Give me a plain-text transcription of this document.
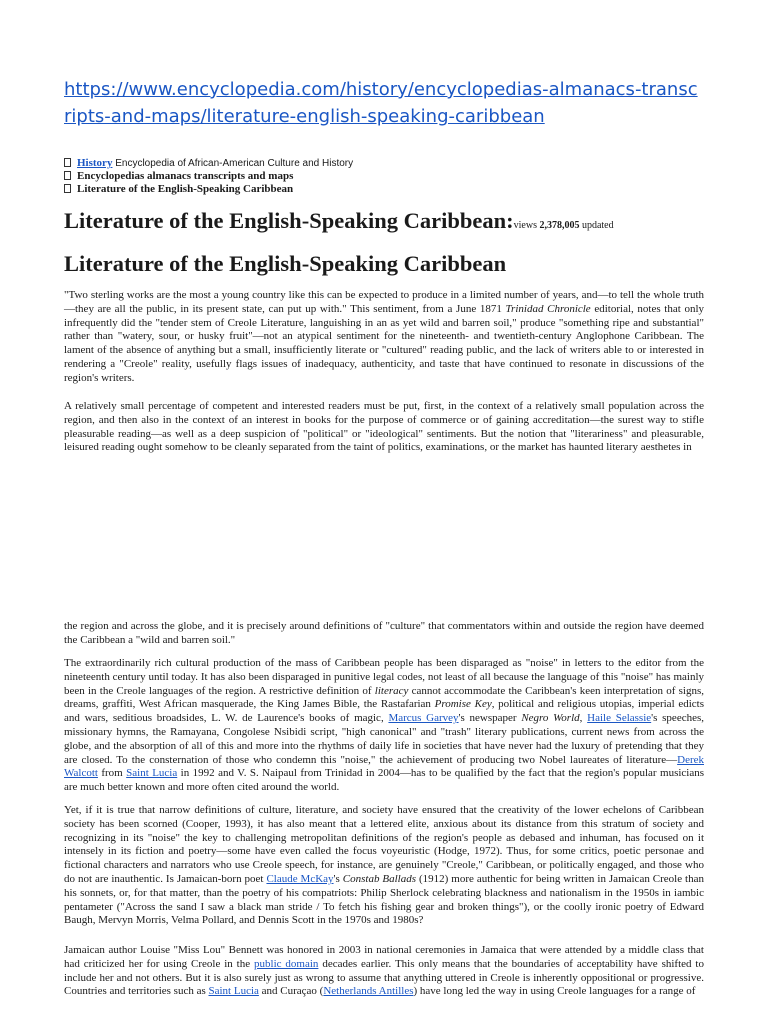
https://www.encyclopedia.com/history/encyclopedias-almanacs-transcripts-and-maps/literature-english-speaking-caribbean
History Encyclopedia of African-American Culture and History
Encyclopedias almanacs transcripts and maps
Literature of the English-Speaking Caribbean
Literature of the English-Speaking Caribbean:views 2,378,005 updated
Literature of the English-Speaking Caribbean

"Two sterling works are the most a young country like this can be expected to produce in a limited number of years, and—to tell the whole truth—they are all the public, in its present state, can put up with." This sentiment, from a June 1871 Trinidad Chronicle editorial, notes that only infrequently did the "tender stem of Creole Literature, languishing in an as yet wild and barren soil," produce "something ripe and substantial" rather than "watery, sour, or husky fruit"—not an atypical sentiment for the nineteenth- and twentieth-century Anglophone Caribbean. The lament of the absence of anything but a small, insufficiently literate or "cultured" reading public, and the lack of writers able to or interested in rendering a "Creole" reality, usefully flags issues of inadequacy, authenticity, and taste that have continued to resonate in discussions of the region's writers.

A relatively small percentage of competent and interested readers must be put, first, in the context of a relatively small population across the region, and then also in the context of an interest in books for the purpose of commerce or of gaining accreditation—the surest way to stifle pleasurable reading—as well as a deep suspicion of "political" or "ideological" sentiments. But the notion that "literariness" and pleasurable, leisured reading ought somehow to be cleanly separated from the taint of politics, examinations, or the market has haunted literary aesthetes in

the region and across the globe, and it is precisely around definitions of "culture" that commentators within and outside the region have deemed the Caribbean a "wild and barren soil."

The extraordinarily rich cultural production of the mass of Caribbean people has been disparaged as "noise" in letters to the editor from the nineteenth century until today. It has also been disparaged in punitive legal codes, not least of all because the language of this "noise" has mainly been in the Creole languages of the region. A restrictive definition of literacy cannot accommodate the Caribbean's keen interpretation of signs, dreams, graffiti, West African masquerade, the King James Bible, the Rastafarian Promise Key, political and religious utopias, imperial edicts and wars, seditious broadsides, L. W. de Laurence's books of magic, Marcus Garvey's newspaper Negro World, Haile Selassie's speeches, missionary hymns, the Ramayana, Congolese Nsibidi script, "high canonical" and "trash" literary publications, current news from across the globe, and the absorption of all of this and more into the rhythms of daily life in societies that have never had the luxury of pretending that they are closed. To the consternation of those who condemn this "noise," the achievement of producing two Nobel laureates of literature—Derek Walcott from Saint Lucia in 1992 and V. S. Naipaul from Trinidad in 2004—has to be qualified by the fact that the region's popular musicians are much better known and more often cited around the world.

Yet, if it is true that narrow definitions of culture, literature, and society have ensured that the creativity of the lower echelons of Caribbean society has been scorned (Cooper, 1993), it has also meant that a lettered elite, anxious about its distance from this stratum of society and recognizing in its "noise" the key to challenging metropolitan definitions of the region's people as debased and inhuman, has focused on it intensely in its fiction and poetry—some have even called the focus voyeuristic (Hodge, 1972). Thus, for some critics, poetic personae and fictional characters and narrators who use Creole speech, for instance, are genuinely "Creole," Caribbean, or politically engaged, and those who do not are inauthentic. Is Jamaican-born poet Claude McKay's Constab Ballads (1912) more authentic for being written in Jamaican Creole than his sonnets, or, for that matter, than the poetry of his compatriots: Philip Sherlock celebrating blackness and nationalism in the 1950s in iambic pentameter ("Across the sand I saw a black man stride / To fetch his fishing gear and broken things"), or the coolly ironic poetry of Edward Baugh, Mervyn Morris, Velma Pollard, and Dennis Scott in the 1970s and 1980s?

Jamaican author Louise "Miss Lou" Bennett was honored in 2003 in national ceremonies in Jamaica that were attended by a middle class that had criticized her for using Creole in the public domain decades earlier. This only means that the boundaries of acceptability have shifted to include her and not others. But it is also surely just as wrong to assume that anything uttered in Creole is inherently oppositional or progressive. Countries and territories such as Saint Lucia and Curaçao (Netherlands Antilles) have long led the way in using Creole languages for a range of
